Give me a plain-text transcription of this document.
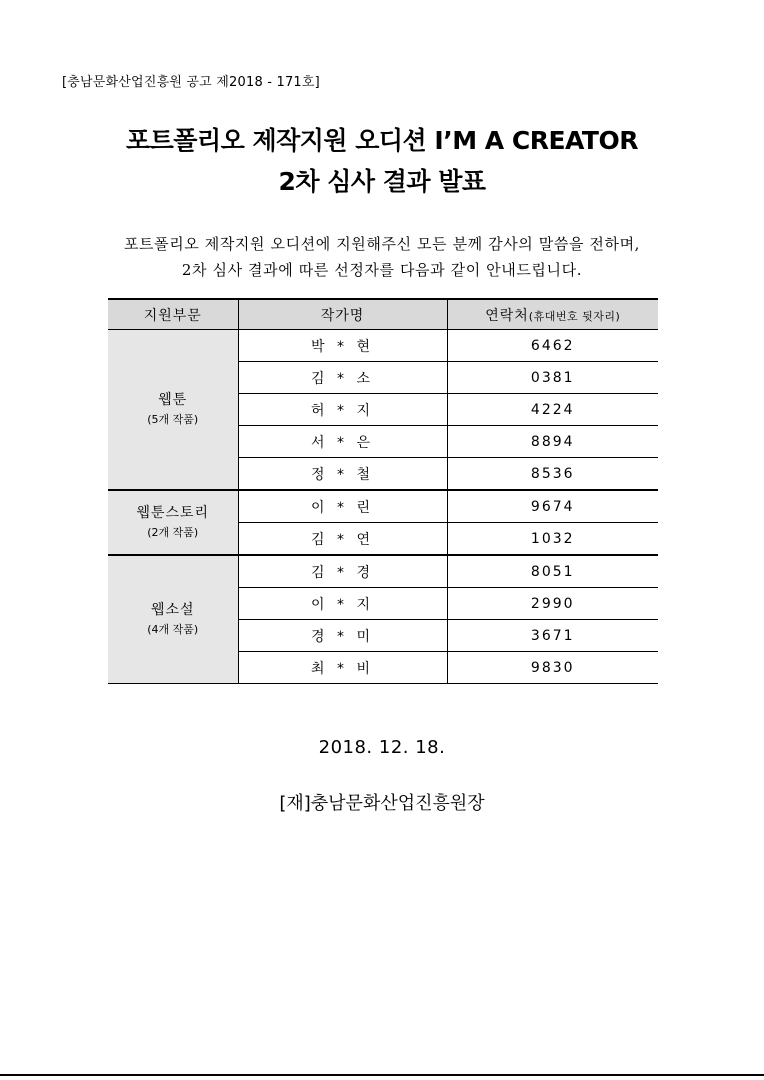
[충남문화산업진흥원 공고 제2018 - 171호]
포트폴리오 제작지원 오디션 I’M A CREATOR
2차 심사 결과 발표
포트폴리오 제작지원 오디션에 지원해주신 모든 분께 감사의 말씀을 전하며,
2차 심사 결과에 따른 선정자를 다음과 같이 안내드립니다.
지원부문	작가명	연락처(휴대번호 뒷자리)

웹툰
(5개 작품)	박 * 현	6462
	김 * 소	0381
	허 * 지	4224
	서 * 은	8894
	정 * 철	8536

웹툰스토리
(2개 작품)	이 * 린	9674
	김 * 연	1032

웹소설
(4개 작품)	김 * 경	8051
	이 * 지	2990
	경 * 미	3671
	최 * 비	9830
2018. 12. 18.
[재]충남문화산업진흥원장
